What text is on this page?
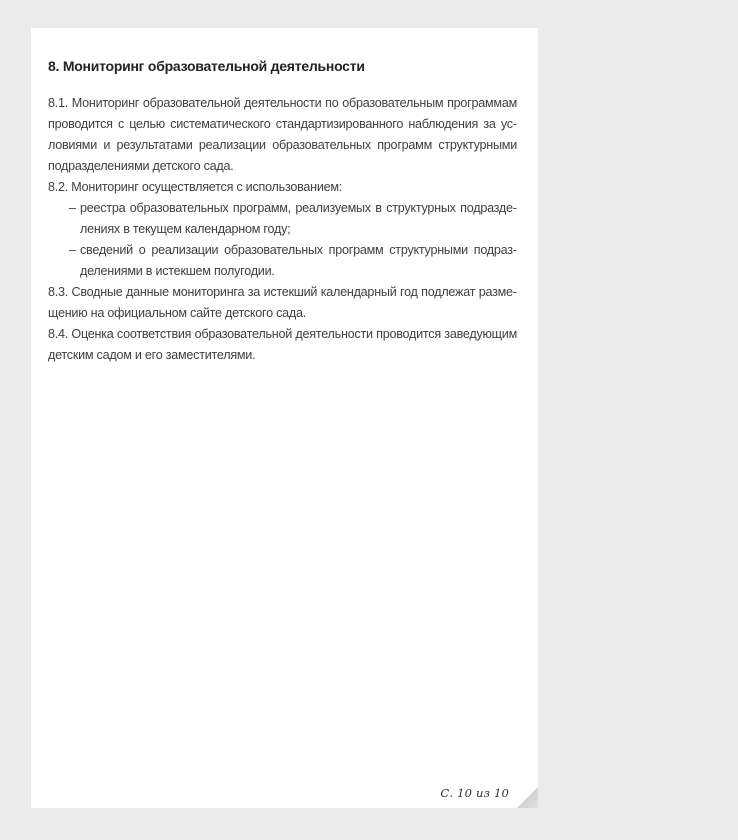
8. Мониторинг образовательной деятельности
8.1. Мониторинг образовательной деятельности по образовательным программам проводится с целью систематического стандартизированного наблюдения за условиями и результатами реализации образовательных программ структурными подразделениями детского сада.
8.2. Мониторинг осуществляется с использованием:
– реестра образовательных программ, реализуемых в структурных подразделениях в текущем календарном году;
– сведений о реализации образовательных программ структурными подразделениями в истекшем полугодии.
8.3. Сводные данные мониторинга за истекший календарный год подлежат размещению на официальном сайте детского сада.
8.4. Оценка соответствия образовательной деятельности проводится заведующим детским садом и его заместителями.
С. 10 из 10
